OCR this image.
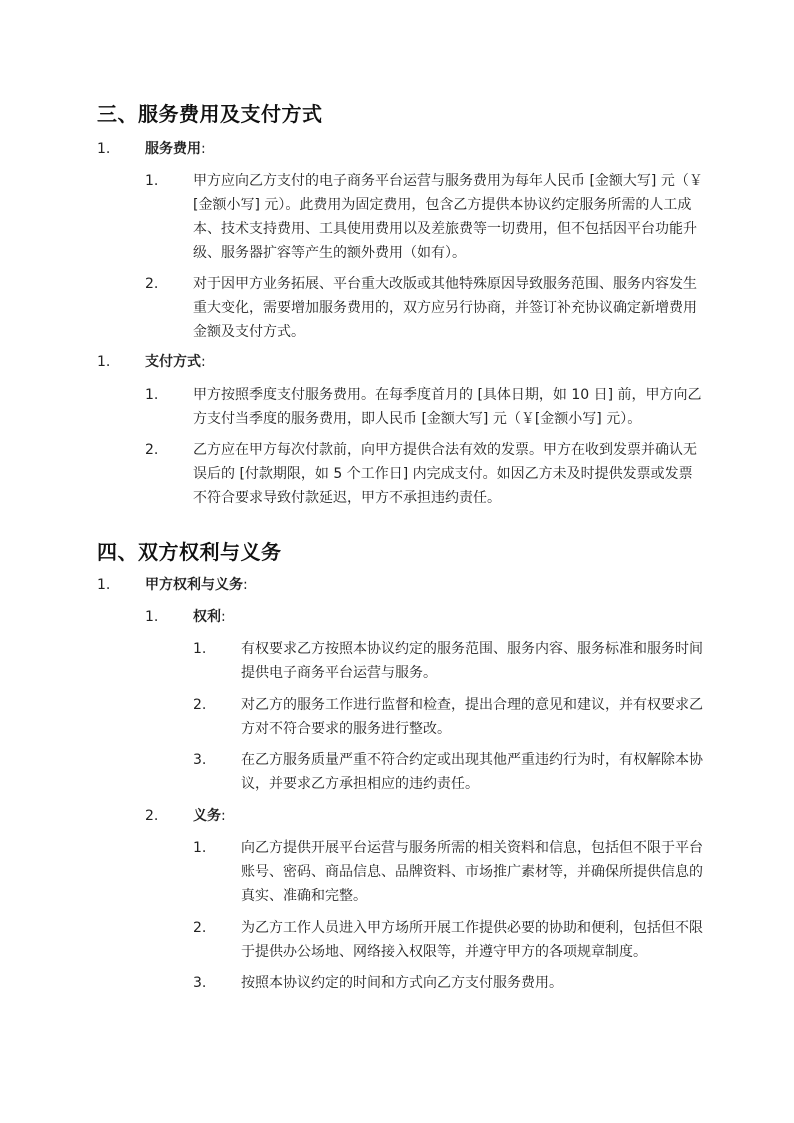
三、服务费用及支付方式
1. 服务费用:
1. 甲方应向乙方支付的电子商务平台运营与服务费用为每年人民币 [金额大写] 元（￥[金额小写] 元）。此费用为固定费用，包含乙方提供本协议约定服务所需的人工成本、技术支持费用、工具使用费用以及差旅费等一切费用，但不包括因平台功能升级、服务器扩容等产生的额外费用（如有）。

2. 对于因甲方业务拓展、平台重大改版或其他特殊原因导致服务范围、服务内容发生重大变化，需要增加服务费用的，双方应另行协商，并签订补充协议确定新增费用金额及支付方式。

1. 支付方式:
1. 甲方按照季度支付服务费用。在每季度首月的 [具体日期，如 10 日] 前，甲方向乙方支付当季度的服务费用，即人民币 [金额大写] 元（￥[金额小写] 元）。

2. 乙方应在甲方每次付款前，向甲方提供合法有效的发票。甲方在收到发票并确认无误后的 [付款期限，如 5 个工作日] 内完成支付。如因乙方未及时提供发票或发票不符合要求导致付款延迟，甲方不承担违约责任。

四、双方权利与义务
1. 甲方权利与义务:
1. 权利:
1. 有权要求乙方按照本协议约定的服务范围、服务内容、服务标准和服务时间提供电子商务平台运营与服务。

2. 对乙方的服务工作进行监督和检查，提出合理的意见和建议，并有权要求乙方对不符合要求的服务进行整改。

3. 在乙方服务质量严重不符合约定或出现其他严重违约行为时，有权解除本协议，并要求乙方承担相应的违约责任。

2. 义务:
1. 向乙方提供开展平台运营与服务所需的相关资料和信息，包括但不限于平台账号、密码、商品信息、品牌资料、市场推广素材等，并确保所提供信息的真实、准确和完整。

2. 为乙方工作人员进入甲方场所开展工作提供必要的协助和便利，包括但不限于提供办公场地、网络接入权限等，并遵守甲方的各项规章制度。

3. 按照本协议约定的时间和方式向乙方支付服务费用。
